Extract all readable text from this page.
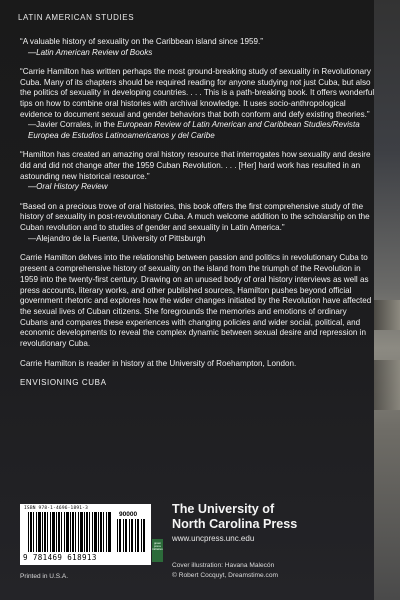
LATIN AMERICAN STUDIES

“A valuable history of sexuality on the Caribbean island since 1959.”

—Latin American Review of Books

“Carrie Hamilton has written perhaps the most ground-breaking study of sexuality in Revolutionary Cuba. Many of its chapters should be required reading for anyone studying not just Cuba, but also the politics of sexuality in developing countries. . . . This is a path-breaking book. It offers wonderful tips on how to combine oral histories with archival knowledge. It uses socio-anthropological evidence to document sexual and gender behaviors that both conform and defy existing theories.”

—Javier Corrales, in the European Review of Latin American and Caribbean Studies/Revista Europea de Estudios Latinoamericanos y del Caribe

“Hamilton has created an amazing oral history resource that interrogates how sexuality and desire did and did not change after the 1959 Cuban Revolution. . . . [Her] hard work has resulted in an astounding new historical resource.”

—Oral History Review

“Based on a precious trove of oral histories, this book offers the first comprehensive study of the history of sexuality in post-revolutionary Cuba. A much welcome addition to the scholarship on the Cuban revolution and to studies of gender and sexuality in Latin America.”

—Alejandro de la Fuente, University of Pittsburgh

Carrie Hamilton delves into the relationship between passion and politics in revolutionary Cuba to present a comprehensive history of sexuality on the island from the triumph of the Revolution in 1959 into the twenty-first century. Drawing on an unused body of oral history interviews as well as press accounts, literary works, and other published sources, Hamilton pushes beyond official government rhetoric and explores how the wider changes initiated by the Revolution have affected the sexual lives of Cuban citizens. She foregrounds the memories and emotions of ordinary Cubans and compares these experiences with changing policies and wider social, political, and economic developments to reveal the complex dynamic between sexual desire and repression in revolutionary Cuba.

Carrie Hamilton is reader in history at the University of Roehampton, London.

ENVISIONING CUBA

ISBN 978-1-4696-1891-3
90000
9 781469 618913
Printed in U.S.A.
green press initiative
The University of
North Carolina Press
www.uncpress.unc.edu
Cover illustration: Havana Malecón
© Robert Cocquyt, Dreamstime.com
